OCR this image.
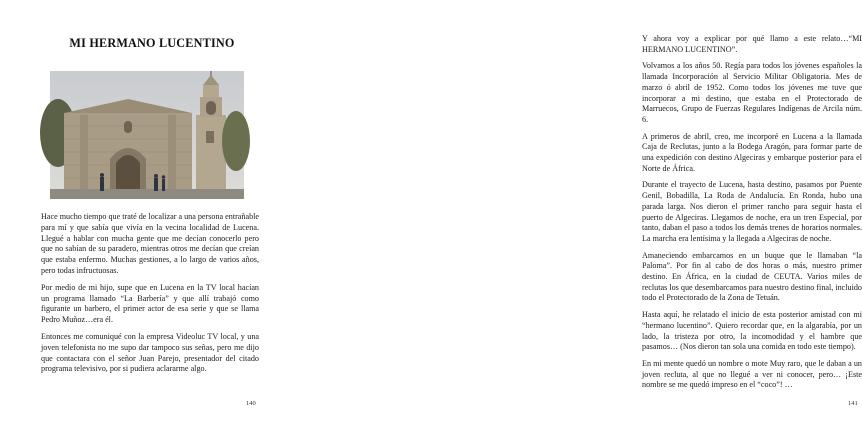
MI HERMANO LUCENTINO

Hace mucho tiempo que traté de localizar a una persona entrañable para mí y que sabía que vivía en la vecina localidad de Lucena. Llegué a hablar con mucha gente que me decían conocerlo pero que no sabían de su paradero, mientras otros me decían que creían que estaba enfermo. Muchas gestiones, a lo largo de varios años, pero todas infructuosas.

Por medio de mi hijo, supe que en Lucena en la TV local hacían un programa llamado “La Barbería” y que allí trabajó como figurante un barbero, el primer actor de esa serie y que se llama Pedro Muñoz…era él.

Entonces me comuniqué con la empresa Videoluc TV local, y una joven telefonista no me supo dar tampoco sus señas, pero me dijo que contactara con el señor Juan Parejo, presentador del citado programa televisivo, por si pudiera aclararme algo.

140

Y ahora voy a explicar por qué llamo a este relato…“MI HERMANO LUCENTINO”.

Volvamos a los años 50. Regía para todos los jóvenes españoles la llamada Incorporación al Servicio Militar Obligatoria. Mes de marzo ó abril de 1952. Como todos los jóvenes me tuve que incorporar a mi destino, que estaba en el Protectorado de Marruecos, Grupo de Fuerzas Regulares Indígenas de Arcila núm. 6.

A primeros de abril, creo, me incorporé en Lucena a la llamada Caja de Reclutas, junto a la Bodega Aragón, para formar parte de una expedición con destino Algeciras y embarque posterior para el Norte de África.

Durante el trayecto de Lucena, hasta destino, pasamos por Puente Genil, Bobadilla, La Roda de Andalucía. En Ronda, hubo una parada larga. Nos dieron el primer rancho para seguir hasta el puerto de Algeciras. Llegamos de noche, era un tren Especial, por tanto, daban el paso a todos los demás trenes de horarios normales. La marcha era lentísima y la llegada a Algeciras de noche.

Amaneciendo embarcamos en un buque que le llamaban “la Paloma”. Por fin al cabo de dos horas o más, nuestro primer destino. En África, en la ciudad de CEUTA. Varios miles de reclutas los que desembarcamos para nuestro destino final, incluido todo el Protectorado de la Zona de Tetuán.

Hasta aquí, he relatado el inicio de esta posterior amistad con mi “hermano lucentino”. Quiero recordar que, en la algarabía, por un lado, la tristeza por otro, la incomodidad y el hambre que pasamos… (Nos dieron tan sola una comida en todo este tiempo).

En mi mente quedó un nombre o mote Muy raro, que le daban a un joven recluta, al que no llegué a ver ni conocer, pero… ¡Este nombre se me quedó impreso en el “coco”! …

141
